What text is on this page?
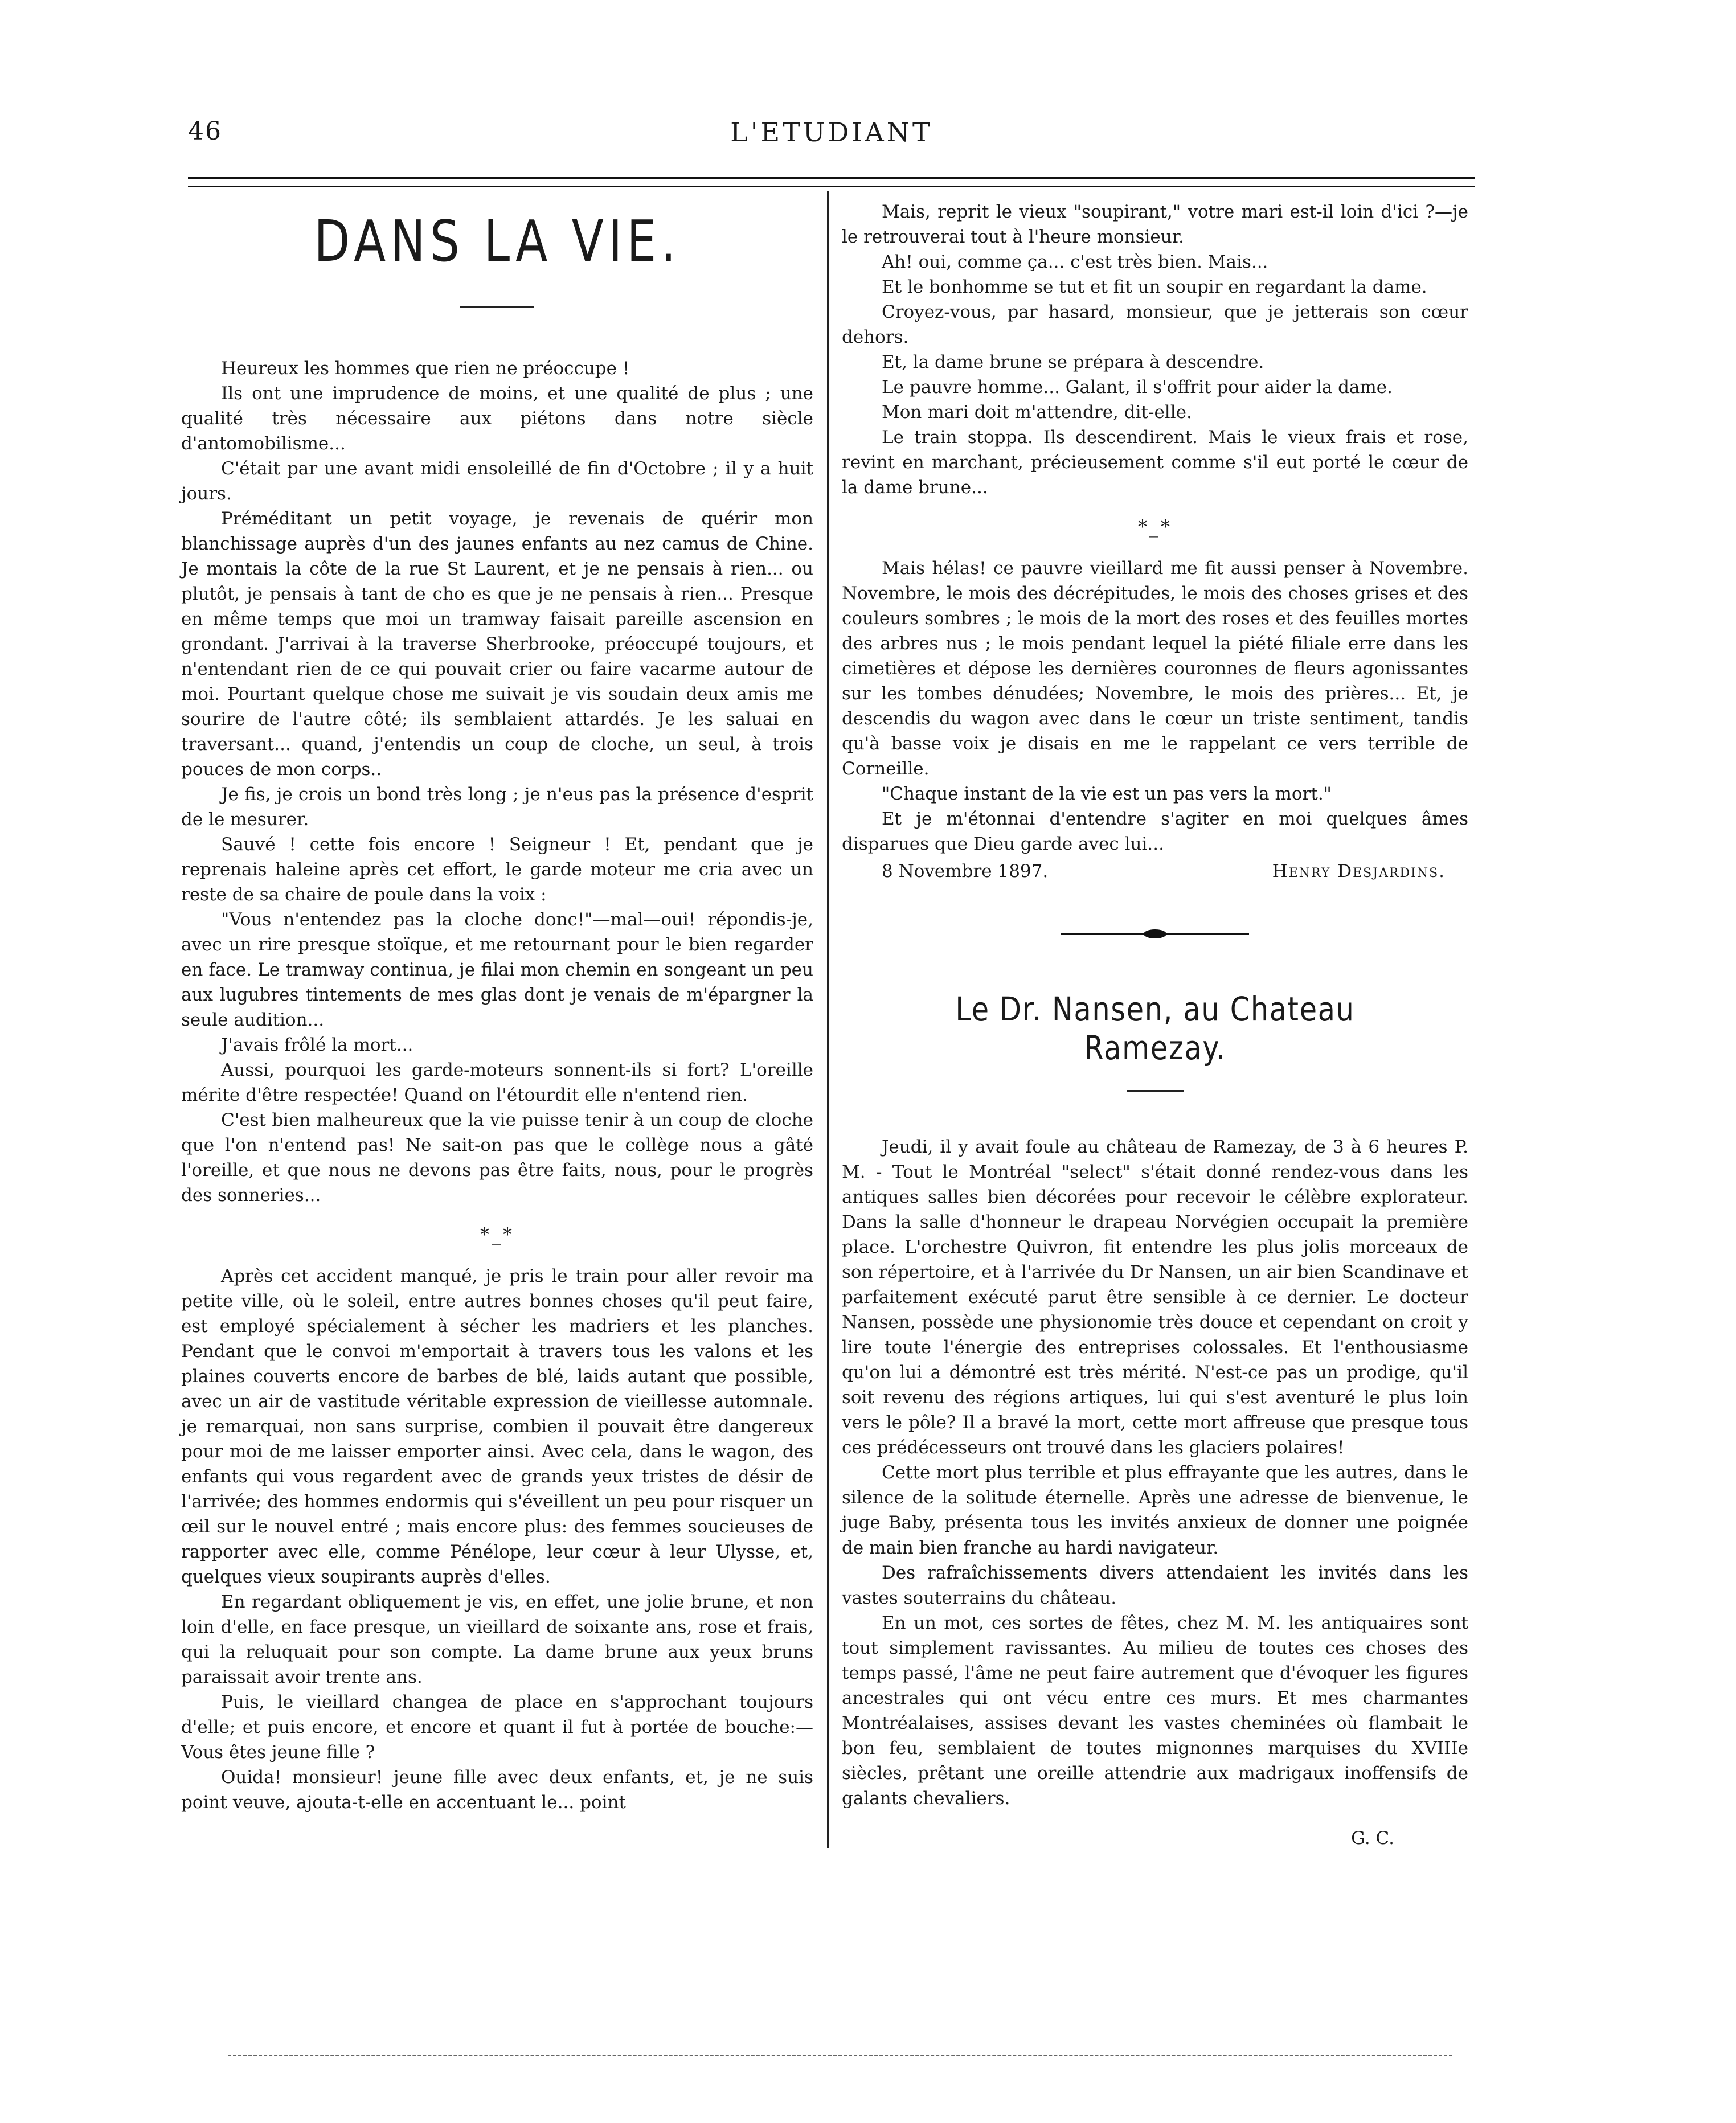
46	L'ETUDIANT
DANS LA VIE.

Heureux les hommes que rien ne préoccupe !

Ils ont une imprudence de moins, et une qualité de plus ; une qualité très nécessaire aux piétons dans notre siècle d'antomobilisme...

C'était par une avant midi ensoleillé de fin d'Octobre ; il y a huit jours.

Préméditant un petit voyage, je revenais de quérir mon blanchissage auprès d'un des jaunes enfants au nez camus de Chine. Je montais la côte de la rue St Laurent, et je ne pensais à rien... ou plutôt, je pensais à tant de cho es que je ne pensais à rien... Presque en même temps que moi un tramway faisait pareille ascension en grondant. J'arrivai à la traverse Sherbrooke, préoccupé toujours, et n'entendant rien de ce qui pouvait crier ou faire vacarme autour de moi. Pourtant quelque chose me suivait je vis soudain deux amis me sourire de l'autre côté; ils semblaient attardés. Je les saluai en traversant... quand, j'entendis un coup de cloche, un seul, à trois pouces de mon corps..

Je fis, je crois un bond très long ; je n'eus pas la présence d'esprit de le mesurer.

Sauvé ! cette fois encore ! Seigneur ! Et, pendant que je reprenais haleine après cet effort, le garde moteur me cria avec un reste de sa chaire de poule dans la voix :

"Vous n'entendez pas la cloche donc!"—mal—oui! répondis-je, avec un rire presque stoïque, et me retournant pour le bien regarder en face. Le tramway continua, je filai mon chemin en songeant un peu aux lugubres tintements de mes glas dont je venais de m'épargner la seule audition...

J'avais frôlé la mort...

Aussi, pourquoi les garde-moteurs sonnent-ils si fort? L'oreille mérite d'être respectée! Quand on l'étourdit elle n'entend rien.

C'est bien malheureux que la vie puisse tenir à un coup de cloche que l'on n'entend pas! Ne sait-on pas que le collège nous a gâté l'oreille, et que nous ne devons pas être faits, nous, pour le progrès des sonneries...

*_*

Après cet accident manqué, je pris le train pour aller revoir ma petite ville, où le soleil, entre autres bonnes choses qu'il peut faire, est employé spécialement à sécher les madriers et les planches. Pendant que le convoi m'emportait à travers tous les valons et les plaines couverts encore de barbes de blé, laids autant que possible, avec un air de vastitude véritable expression de vieillesse automnale. je remarquai, non sans surprise, combien il pouvait être dangereux pour moi de me laisser emporter ainsi. Avec cela, dans le wagon, des enfants qui vous regardent avec de grands yeux tristes de désir de l'arrivée; des hommes endormis qui s'éveillent un peu pour risquer un œil sur le nouvel entré ; mais encore plus: des femmes soucieuses de rapporter avec elle, comme Pénélope, leur cœur à leur Ulysse, et, quelques vieux soupirants auprès d'elles.

En regardant obliquement je vis, en effet, une jolie brune, et non loin d'elle, en face presque, un vieillard de soixante ans, rose et frais, qui la reluquait pour son compte. La dame brune aux yeux bruns paraissait avoir trente ans.

Puis, le vieillard changea de place en s'approchant toujours d'elle; et puis encore, et encore et quant il fut à portée de bouche:—Vous êtes jeune fille ?

Ouida! monsieur! jeune fille avec deux enfants, et, je ne suis point veuve, ajouta-t-elle en accentuant le... point

Mais, reprit le vieux "soupirant," votre mari est-il loin d'ici ?—je le retrouverai tout à l'heure monsieur.

Ah! oui, comme ça... c'est très bien. Mais...

Et le bonhomme se tut et fit un soupir en regardant la dame.

Croyez-vous, par hasard, monsieur, que je jetterais son cœur dehors.

Et, la dame brune se prépara à descendre.

Le pauvre homme... Galant, il s'offrit pour aider la dame.

Mon mari doit m'attendre, dit-elle.

Le train stoppa. Ils descendirent. Mais le vieux frais et rose, revint en marchant, précieusement comme s'il eut porté le cœur de la dame brune...

*_*

Mais hélas! ce pauvre vieillard me fit aussi penser à Novembre. Novembre, le mois des décrépitudes, le mois des choses grises et des couleurs sombres ; le mois de la mort des roses et des feuilles mortes des arbres nus ; le mois pendant lequel la piété filiale erre dans les cimetières et dépose les dernières couronnes de fleurs agonissantes sur les tombes dénudées; Novembre, le mois des prières... Et, je descendis du wagon avec dans le cœur un triste sentiment, tandis qu'à basse voix je disais en me le rappelant ce vers terrible de Corneille.

"Chaque instant de la vie est un pas vers la mort."

Et je m'étonnai d'entendre s'agiter en moi quelques âmes disparues que Dieu garde avec lui...

8 Novembre 1897.	Henry Desjardins.
Le Dr. Nansen, au Chateau Ramezay.

Jeudi, il y avait foule au château de Ramezay, de 3 à 6 heures P. M. - Tout le Montréal "select" s'était donné rendez-vous dans les antiques salles bien décorées pour recevoir le célèbre explorateur. Dans la salle d'honneur le drapeau Norvégien occupait la première place. L'orchestre Quivron, fit entendre les plus jolis morceaux de son répertoire, et à l'arrivée du Dr Nansen, un air bien Scandinave et parfaitement exécuté parut être sensible à ce dernier. Le docteur Nansen, possède une physionomie très douce et cependant on croit y lire toute l'énergie des entreprises colossales. Et l'enthousiasme qu'on lui a démontré est très mérité. N'est-ce pas un prodige, qu'il soit revenu des régions artiques, lui qui s'est aventuré le plus loin vers le pôle? Il a bravé la mort, cette mort affreuse que presque tous ces prédécesseurs ont trouvé dans les glaciers polaires!

Cette mort plus terrible et plus effrayante que les autres, dans le silence de la solitude éternelle. Après une adresse de bienvenue, le juge Baby, présenta tous les invités anxieux de donner une poignée de main bien franche au hardi navigateur.

Des rafraîchissements divers attendaient les invités dans les vastes souterrains du château.

En un mot, ces sortes de fêtes, chez M. M. les antiquaires sont tout simplement ravissantes. Au milieu de toutes ces choses des temps passé, l'âme ne peut faire autrement que d'évoquer les figures ancestrales qui ont vécu entre ces murs. Et mes charmantes Montréalaises, assises devant les vastes cheminées où flambait le bon feu, semblaient de toutes mignonnes marquises du XVIIIe siècles, prêtant une oreille attendrie aux madrigaux inoffensifs de galants chevaliers.

G. C.
